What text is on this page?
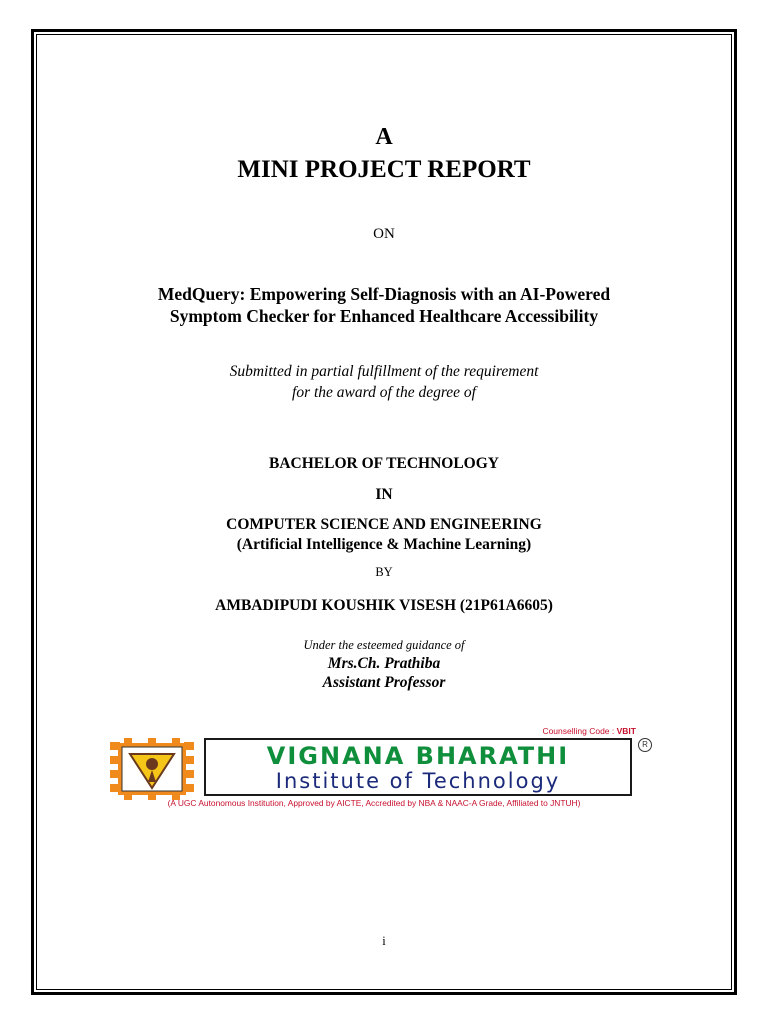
A
MINI PROJECT REPORT
ON
MedQuery: Empowering Self-Diagnosis with an AI-Powered
Symptom Checker for Enhanced Healthcare Accessibility
Submitted in partial fulfillment of the requirement
for the award of the degree of
BACHELOR OF TECHNOLOGY
IN
COMPUTER SCIENCE AND ENGINEERING
(Artificial Intelligence & Machine Learning)
BY
AMBADIPUDI KOUSHIK VISESH (21P61A6605)
Under the esteemed guidance of
Mrs.Ch. Prathiba
Assistant Professor
Counselling Code : VBIT
VIGNANA BHARATHI
Institute of Technology
R
(A UGC Autonomous Institution, Approved by AICTE, Accredited by NBA & NAAC-A Grade, Affiliated to JNTUH)
i
